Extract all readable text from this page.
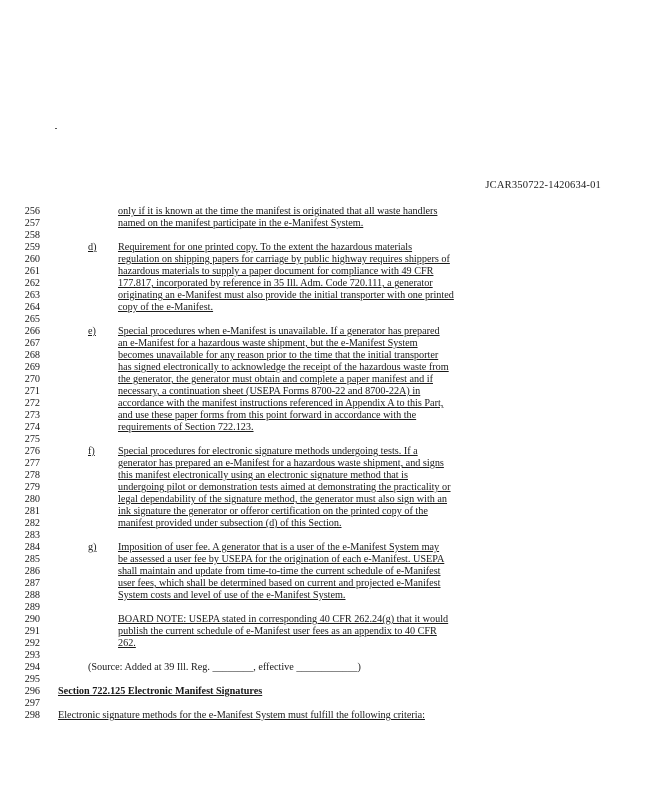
JCAR350722-1420634-01
256	only if it is known at the time the manifest is originated that all waste handlers
257	named on the manifest participate in the e-Manifest System.
258
259	d) Requirement for one printed copy. To the extent the hazardous materials
260	regulation on shipping papers for carriage by public highway requires shippers of
261	hazardous materials to supply a paper document for compliance with 49 CFR
262	177.817, incorporated by reference in 35 Ill. Adm. Code 720.111, a generator
263	originating an e-Manifest must also provide the initial transporter with one printed
264	copy of the e-Manifest.
265
266	e) Special procedures when e-Manifest is unavailable. If a generator has prepared
267	an e-Manifest for a hazardous waste shipment, but the e-Manifest System
268	becomes unavailable for any reason prior to the time that the initial transporter
269	has signed electronically to acknowledge the receipt of the hazardous waste from
270	the generator, the generator must obtain and complete a paper manifest and if
271	necessary, a continuation sheet (USEPA Forms 8700-22 and 8700-22A) in
272	accordance with the manifest instructions referenced in Appendix A to this Part,
273	and use these paper forms from this point forward in accordance with the
274	requirements of Section 722.123.
275
276	f) Special procedures for electronic signature methods undergoing tests. If a
277	generator has prepared an e-Manifest for a hazardous waste shipment, and signs
278	this manifest electronically using an electronic signature method that is
279	undergoing pilot or demonstration tests aimed at demonstrating the practicality or
280	legal dependability of the signature method, the generator must also sign with an
281	ink signature the generator or offeror certification on the printed copy of the
282	manifest provided under subsection (d) of this Section.
283
284	g) Imposition of user fee. A generator that is a user of the e-Manifest System may
285	be assessed a user fee by USEPA for the origination of each e-Manifest. USEPA
286	shall maintain and update from time-to-time the current schedule of e-Manifest
287	user fees, which shall be determined based on current and projected e-Manifest
288	System costs and level of use of the e-Manifest System.
289
290	BOARD NOTE: USEPA stated in corresponding 40 CFR 262.24(g) that it would
291	publish the current schedule of e-Manifest user fees as an appendix to 40 CFR
292	262.
293
294	(Source: Added at 39 Ill. Reg. ________, effective ____________)
295
296 Section 722.125 Electronic Manifest Signatures
297
298 Electronic signature methods for the e-Manifest System must fulfill the following criteria:
